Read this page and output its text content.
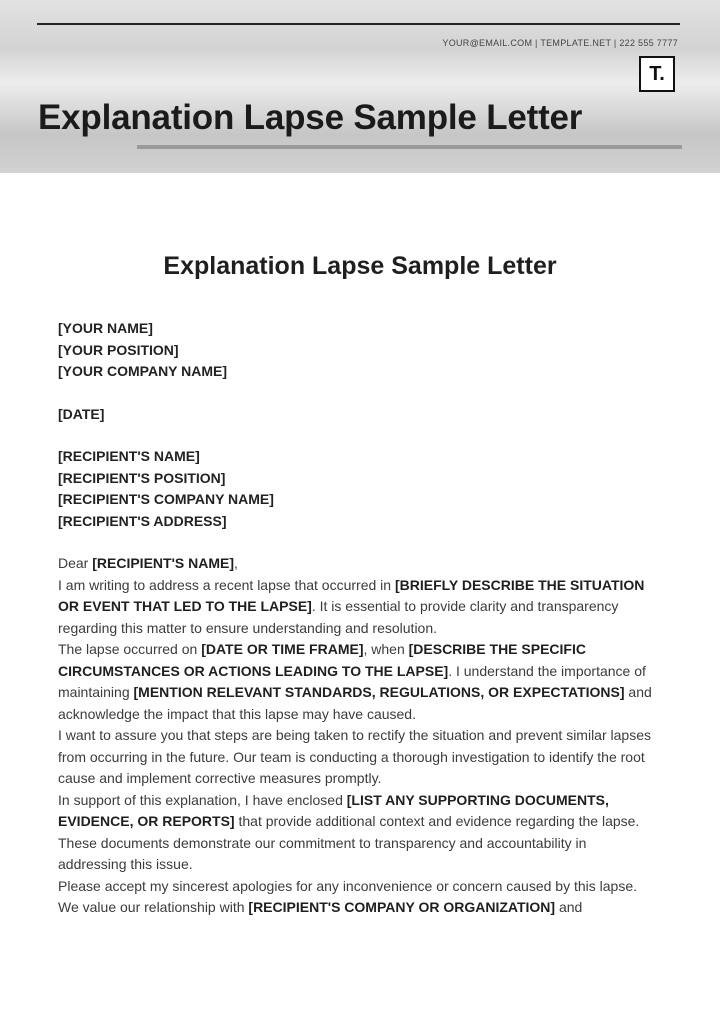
YOUR@EMAIL.COM | TEMPLATE.NET | 222 555 7777
T.
Explanation Lapse Sample Letter
Explanation Lapse Sample Letter
[YOUR NAME]
[YOUR POSITION]
[YOUR COMPANY NAME]
[DATE]
[RECIPIENT'S NAME]
[RECIPIENT'S POSITION]
[RECIPIENT'S COMPANY NAME]
[RECIPIENT'S ADDRESS]

Dear [RECIPIENT'S NAME],

I am writing to address a recent lapse that occurred in [BRIEFLY DESCRIBE THE SITUATION OR EVENT THAT LED TO THE LAPSE]. It is essential to provide clarity and transparency regarding this matter to ensure understanding and resolution.

The lapse occurred on [DATE OR TIME FRAME], when [DESCRIBE THE SPECIFIC CIRCUMSTANCES OR ACTIONS LEADING TO THE LAPSE]. I understand the importance of maintaining [MENTION RELEVANT STANDARDS, REGULATIONS, OR EXPECTATIONS] and acknowledge the impact that this lapse may have caused.

I want to assure you that steps are being taken to rectify the situation and prevent similar lapses from occurring in the future. Our team is conducting a thorough investigation to identify the root cause and implement corrective measures promptly.

In support of this explanation, I have enclosed [LIST ANY SUPPORTING DOCUMENTS, EVIDENCE, OR REPORTS] that provide additional context and evidence regarding the lapse. These documents demonstrate our commitment to transparency and accountability in addressing this issue.

Please accept my sincerest apologies for any inconvenience or concern caused by this lapse. We value our relationship with [RECIPIENT'S COMPANY OR ORGANIZATION] and
